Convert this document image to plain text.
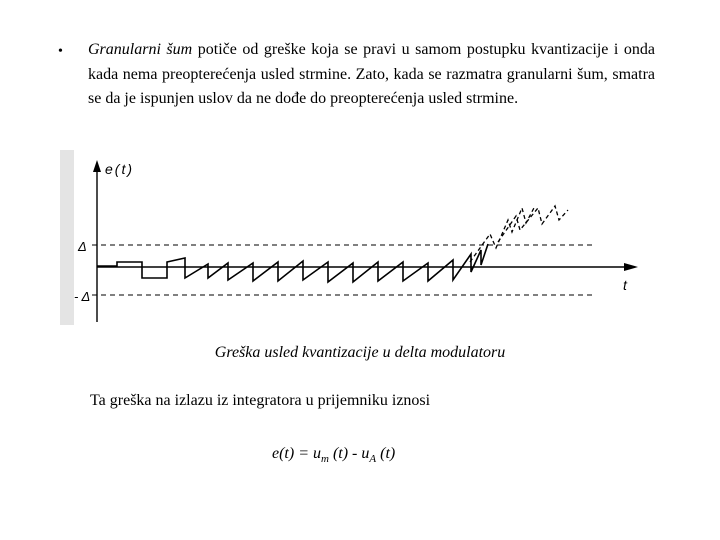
• Granularni šum potiče od greške koja se pravi u samom postupku kvantizacije i onda kada nema preopterećenja usled strmine. Zato, kada se razmatra granularni šum, smatra se da je ispunjen uslov da ne dođe do preopterećenja usled strmine.
e(t)
t
Δ
- Δ
Greška usled kvantizacije u delta modulatoru
Ta greška na izlazu iz integratora u prijemniku iznosi
$e(t) = u_m$ $(t) - u_A$ (t)
